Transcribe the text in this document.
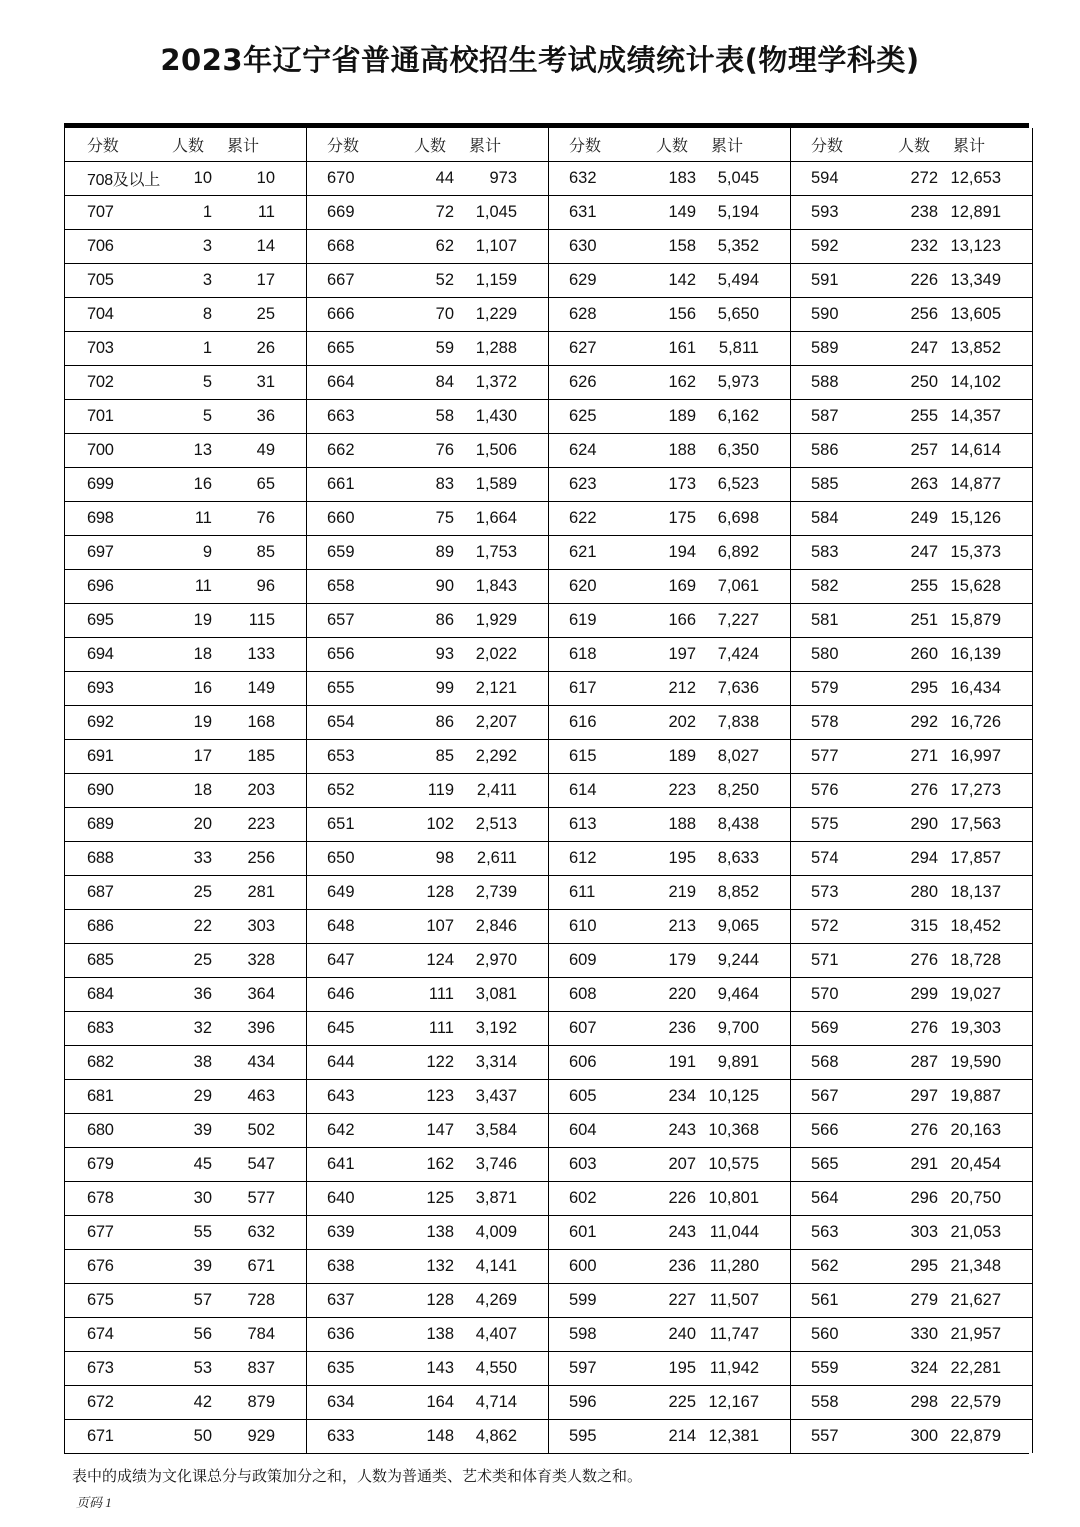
2023年辽宁省普通高校招生考试成绩统计表(物理学科类)
分数	人数	累计
708及以上	10	10
707	1	11
706	3	14
705	3	17
704	8	25
703	1	26
702	5	31
701	5	36
700	13	49
699	16	65
698	11	76
697	9	85
696	11	96
695	19	115
694	18	133
693	16	149
692	19	168
691	17	185
690	18	203
689	20	223
688	33	256
687	25	281
686	22	303
685	25	328
684	36	364
683	32	396
682	38	434
681	29	463
680	39	502
679	45	547
678	30	577
677	55	632
676	39	671
675	57	728
674	56	784
673	53	837
672	42	879
671	50	929
分数	人数	累计
670	44	973
669	72	1,045
668	62	1,107
667	52	1,159
666	70	1,229
665	59	1,288
664	84	1,372
663	58	1,430
662	76	1,506
661	83	1,589
660	75	1,664
659	89	1,753
658	90	1,843
657	86	1,929
656	93	2,022
655	99	2,121
654	86	2,207
653	85	2,292
652	119	2,411
651	102	2,513
650	98	2,611
649	128	2,739
648	107	2,846
647	124	2,970
646	111	3,081
645	111	3,192
644	122	3,314
643	123	3,437
642	147	3,584
641	162	3,746
640	125	3,871
639	138	4,009
638	132	4,141
637	128	4,269
636	138	4,407
635	143	4,550
634	164	4,714
633	148	4,862
分数	人数	累计
632	183	5,045
631	149	5,194
630	158	5,352
629	142	5,494
628	156	5,650
627	161	5,811
626	162	5,973
625	189	6,162
624	188	6,350
623	173	6,523
622	175	6,698
621	194	6,892
620	169	7,061
619	166	7,227
618	197	7,424
617	212	7,636
616	202	7,838
615	189	8,027
614	223	8,250
613	188	8,438
612	195	8,633
611	219	8,852
610	213	9,065
609	179	9,244
608	220	9,464
607	236	9,700
606	191	9,891
605	234 10,125
604	243 10,368
603	207 10,575
602	226 10,801
601	243 11,044
600	236 11,280
599	227 11,507
598	240 11,747
597	195 11,942
596	225 12,167
595	214 12,381
分数	人数	累计
594	272 12,653
593	238 12,891
592	232 13,123
591	226 13,349
590	256 13,605
589	247 13,852
588	250 14,102
587	255 14,357
586	257 14,614
585	263 14,877
584	249 15,126
583	247 15,373
582	255 15,628
581	251 15,879
580	260 16,139
579	295 16,434
578	292 16,726
577	271 16,997
576	276 17,273
575	290 17,563
574	294 17,857
573	280 18,137
572	315 18,452
571	276 18,728
570	299 19,027
569	276 19,303
568	287 19,590
567	297 19,887
566	276 20,163
565	291 20,454
564	296 20,750
563	303 21,053
562	295 21,348
561	279 21,627
560	330 21,957
559	324 22,281
558	298 22,579
557	300 22,879

表中的成绩为文化课总分与政策加分之和，人数为普通类、艺术类和体育类人数之和。

页码 1
